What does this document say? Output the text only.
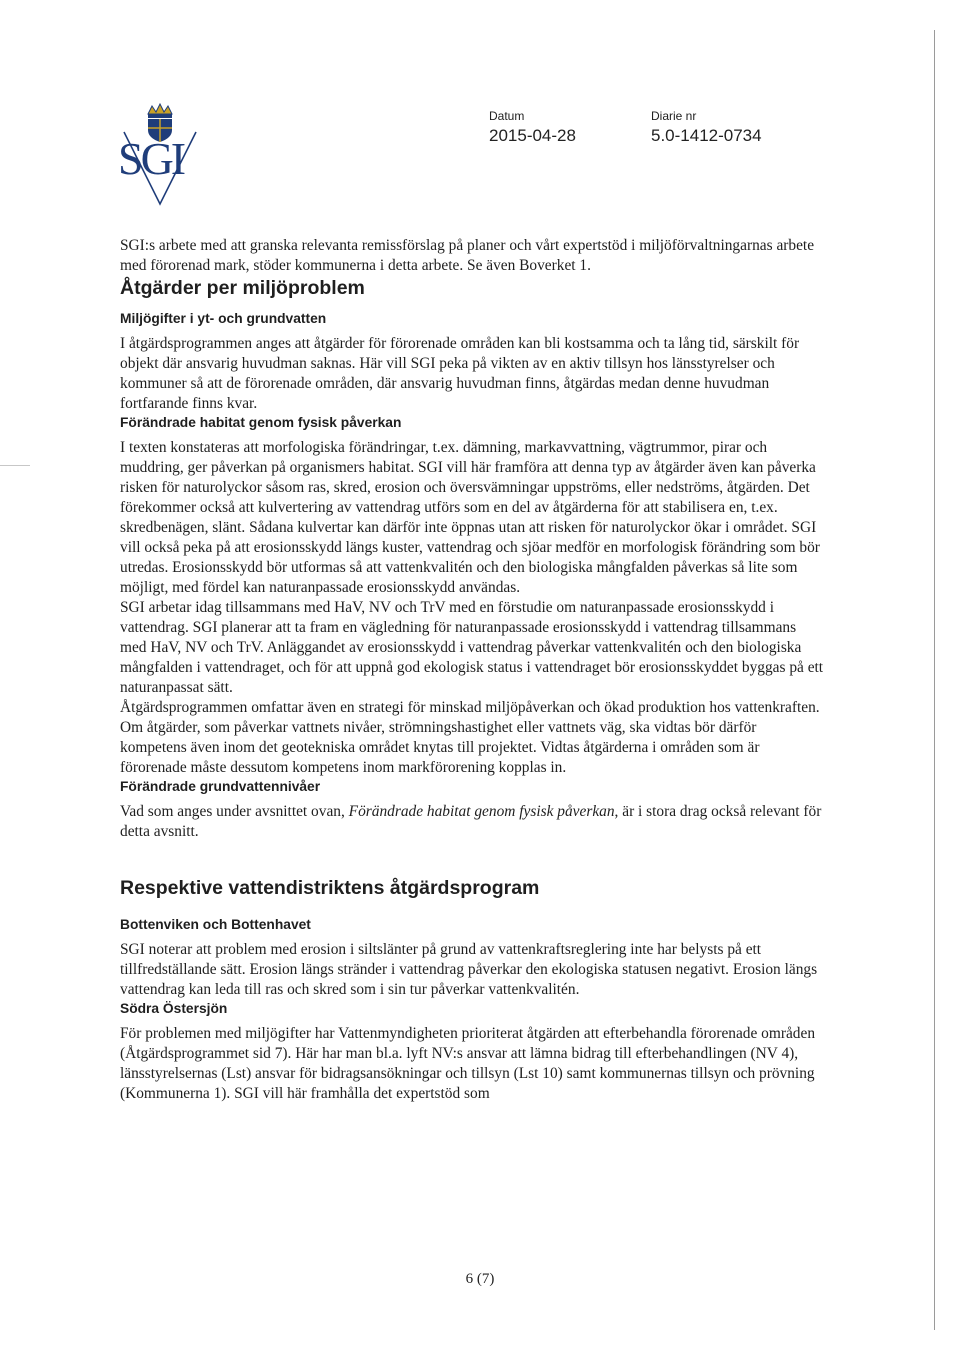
SGI
Datum
2015-04-28
Diarie nr
5.0-1412-0734

SGI:s arbete med att granska relevanta remissförslag på planer och vårt expertstöd i miljöförvaltningarnas arbete med förorenad mark, stöder kommunerna i detta arbete. Se även Boverket 1.

Åtgärder per miljöproblem
Miljögifter i yt- och grundvatten

I åtgärdsprogrammen anges att åtgärder för förorenade områden kan bli kostsamma och ta lång tid, särskilt för objekt där ansvarig huvudman saknas. Här vill SGI peka på vikten av en aktiv tillsyn hos länsstyrelser och kommuner så att de förorenade områden, där ansvarig huvudman finns, åtgärdas medan denne huvudman fortfarande finns kvar.

Förändrade habitat genom fysisk påverkan

I texten konstateras att morfologiska förändringar, t.ex. dämning, markavvattning, vägtrummor, pirar och muddring, ger påverkan på organismers habitat. SGI vill här framföra att denna typ av åtgärder även kan påverka risken för naturolyckor såsom ras, skred, erosion och översvämningar uppströms, eller nedströms, åtgärden. Det förekommer också att kulvertering av vattendrag utförs som en del av åtgärderna för att stabilisera en, t.ex. skredbenägen, slänt. Sådana kulvertar kan därför inte öppnas utan att risken för naturolyckor ökar i området. SGI vill också peka på att erosionsskydd längs kuster, vattendrag och sjöar medför en morfologisk förändring som bör utredas. Erosionsskydd bör utformas så att vattenkvalitén och den biologiska mångfalden påverkas så lite som möjligt, med fördel kan naturanpassade erosionsskydd användas.

SGI arbetar idag tillsammans med HaV, NV och TrV med en förstudie om naturanpassade erosionsskydd i vattendrag. SGI planerar att ta fram en vägledning för naturanpassade erosionsskydd i vattendrag tillsammans med HaV, NV och TrV. Anläggandet av erosionsskydd i vattendrag påverkar vattenkvalitén och den biologiska mångfalden i vattendraget, och för att uppnå god ekologisk status i vattendraget bör erosionsskyddet byggas på ett naturanpassat sätt.

Åtgärdsprogrammen omfattar även en strategi för minskad miljöpåverkan och ökad produktion hos vattenkraften. Om åtgärder, som påverkar vattnets nivåer, strömningshastighet eller vattnets väg, ska vidtas bör därför kompetens även inom det geotekniska området knytas till projektet. Vidtas åtgärderna i områden som är förorenade måste dessutom kompetens inom markförorening kopplas in.

Förändrade grundvattennivåer

Vad som anges under avsnittet ovan, Förändrade habitat genom fysisk påverkan, är i stora drag också relevant för detta avsnitt.

Respektive vattendistriktens åtgärdsprogram
Bottenviken och Bottenhavet

SGI noterar att problem med erosion i siltslänter på grund av vattenkraftsreglering inte har belysts på ett tillfredställande sätt. Erosion längs stränder i vattendrag påverkar den ekologiska statusen negativt. Erosion längs vattendrag kan leda till ras och skred som i sin tur påverkar vattenkvalitén.

Södra Östersjön

För problemen med miljögifter har Vattenmyndigheten prioriterat åtgärden att efterbehandla förorenade områden (Åtgärdsprogrammet sid 7). Här har man bl.a. lyft NV:s ansvar att lämna bidrag till efterbehandlingen (NV 4), länsstyrelsernas (Lst) ansvar för bidragsansökningar och tillsyn (Lst 10) samt kommunernas tillsyn och prövning (Kommunerna 1). SGI vill här framhålla det expertstöd som

6 (7)
